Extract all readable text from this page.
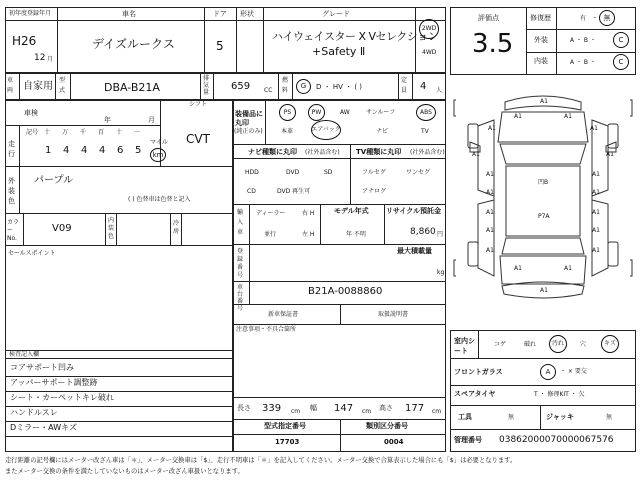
初年度登録年月	車名	ドア 形状	グレード
H26
12 月
デイズルークス	5
ハイウェイスター X Vセレクション
+Safety Ⅱ
2WD
4WD
車両 自家用
型式	DBA-B21A
排気量
659 CC
燃料
G	D ・ HV ・ ( )
定員 4 人
車検
シフト
年	月
CVT
走行
記号 十 万 千 百 十 一
1 4 4 4 6 5
マイル
km
外装色
パープル
( ) 色替車は色替と記入
カラーNo.
V09
内装色
冷房
セールスポイント
検査記入欄
コアサポート凹み
アッパーサポート調整跡
シート・カーペットキレ破れ
ハンドルスレ
Dミラー・AWキズ
装備品に丸印
(純正のみ)
PS	PW	AW	サンルーフ	ABS
本革	エアバック	ナビ	TV
ナビ種類に丸印 (社外品含む) TV種類に丸印 (社外品含む)
HDD	DVD	SD
CD	DVD 再生可
フルセグ	ワンセグ
アナログ
輸入車
ディーラー
並行
右 H
左 H
モデル年式
年 不明
リサイクル預託金
8,860 円
登録番号
最大積載量
kg
車台番号
B21A-0088860
新車保証書	取扱説明書
注意事項・不具合箇所
長さ 339 cm 幅 147 cm 高さ 177 cm
型式指定番号	類別区分番号
17703	0004
評価点
3.5
修復歴	有 ・ 無
外装	A ・ B ・	C
内装	A ・ B ・	C
A1
A1	A1
A1	A1
A1	A1
A1	A1
A1	A1
A1	A1
A1	A1
A1	A1
A1	A1
A1
凹B
P7A
室内シート
コゲ	破れ	汚れ	穴	キズ
フロントガラス	A	・ × 要交
スペアタイヤ	T ・ 修理KIT ・ 欠
工具	無	ジャッキ	無
管理番号 03862000070000067576
走行距離の記号欄にはメーター改ざん車は「＊」、メーター交換車は「$」、走行不明車は「＊」を記入してください。メーター交換で合算表示した場合にも「$」は必要となります。
またメーター交換の条件を満たしていないものはメーター改ざん車扱いとなります。
